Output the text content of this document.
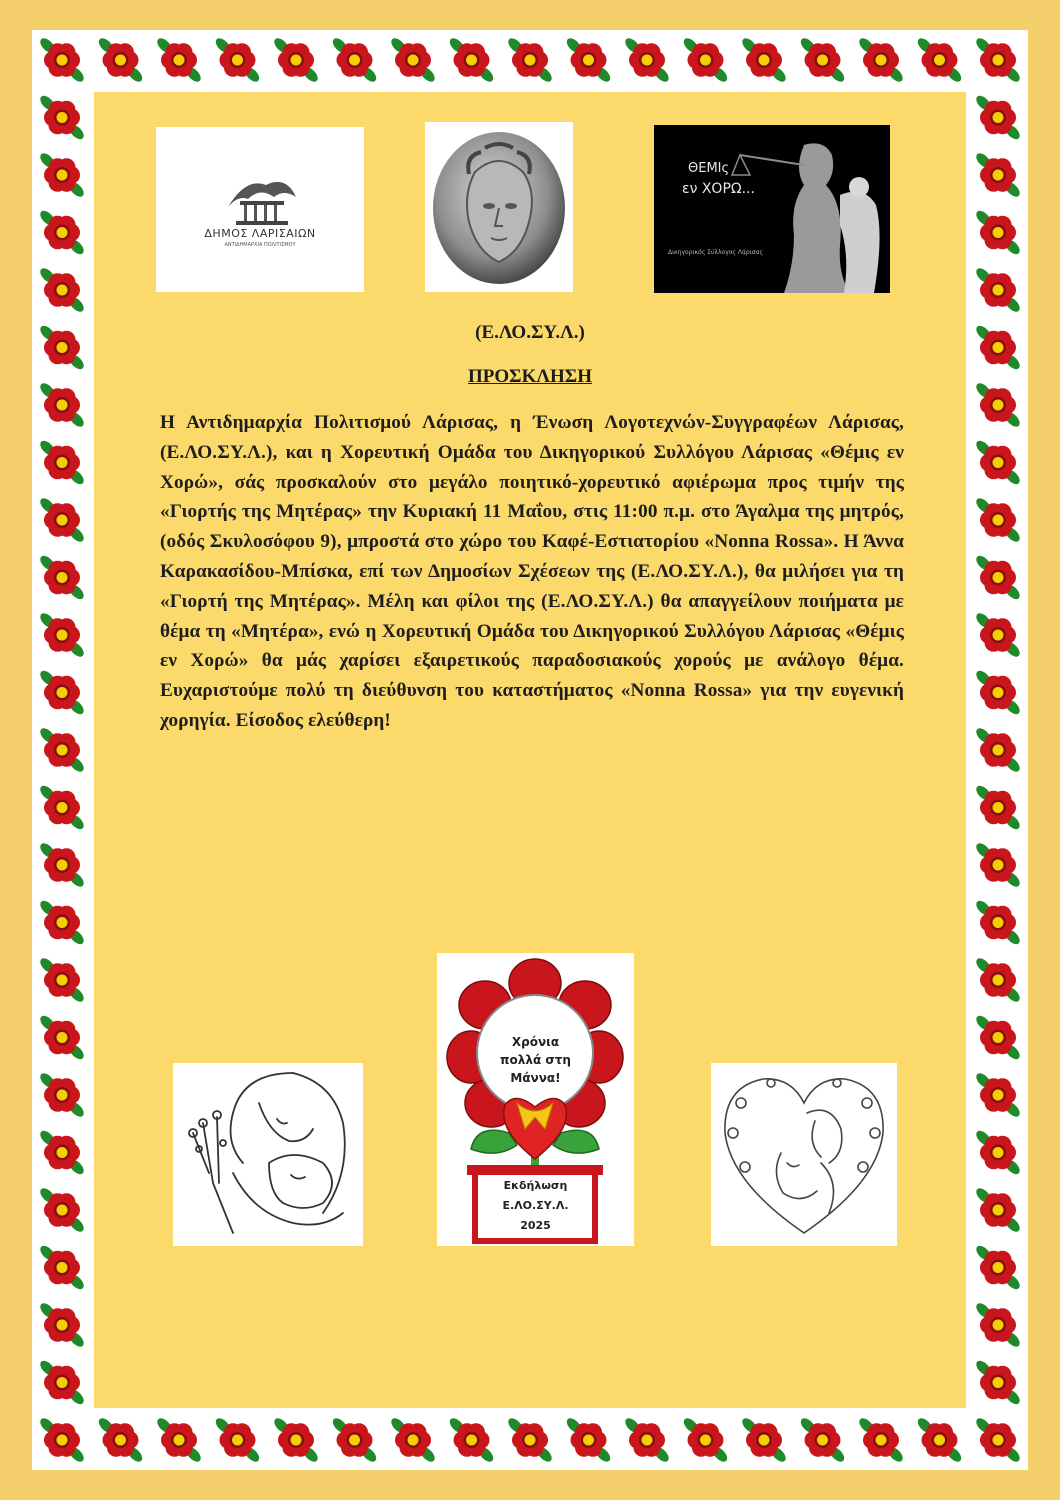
ΔΗΜΟΣ ΛΑΡΙΣΑΙΩΝ
ΑΝΤΙΔΗΜΑΡΧΙΑ ΠΟΛΙΤΙΣΜΟΥ
ΘΕΜΙς
εν ΧΟΡΩ...
Δικηγορικός Σύλλογος Λάρισας
(Ε.ΛΟ.ΣΥ.Λ.)
ΠΡΟΣΚΛΗΣΗ

Η Αντιδημαρχία Πολιτισμού Λάρισας, η Ένωση Λογοτεχνών-Συγγραφέων Λάρισας, (Ε.ΛΟ.ΣΥ.Λ.), και η Χορευτική Ομάδα του Δικηγορικού Συλλόγου Λάρισας «Θέμις εν Χορώ», σάς προσκαλούν στο μεγάλο ποιητικό-χορευτικό αφιέρωμα προς τιμήν της «Γιορτής της Μητέρας» την Κυριακή 11 Μαΐου, στις 11:00 π.μ. στο Άγαλμα της μητρός, (οδός Σκυλοσόφου 9), μπροστά στο χώρο του Καφέ-Εστιατορίου «Nonna Rossa». Η Άννα Καρακασίδου-Μπίσκα, επί των Δημοσίων Σχέσεων της (Ε.ΛΟ.ΣΥ.Λ.), θα μιλήσει για τη «Γιορτή της Μητέρας». Μέλη και φίλοι της (Ε.ΛΟ.ΣΥ.Λ.) θα απαγγείλουν ποιήματα με θέμα τη «Μητέρα», ενώ η Χορευτική Ομάδα του Δικηγορικού Συλλόγου Λάρισας «Θέμις εν Χορώ» θα μάς χαρίσει εξαιρετικούς παραδοσιακούς χορούς με ανάλογο θέμα. Ευχαριστούμε πολύ τη διεύθυνση του καταστήματος «Nonna Rossa» για την ευγενική χορηγία. Είσοδος ελεύθερη!

Χρόνια
πολλά στη
Μάννα!
Εκδήλωση
Ε.ΛΟ.ΣΥ.Λ.
2025
